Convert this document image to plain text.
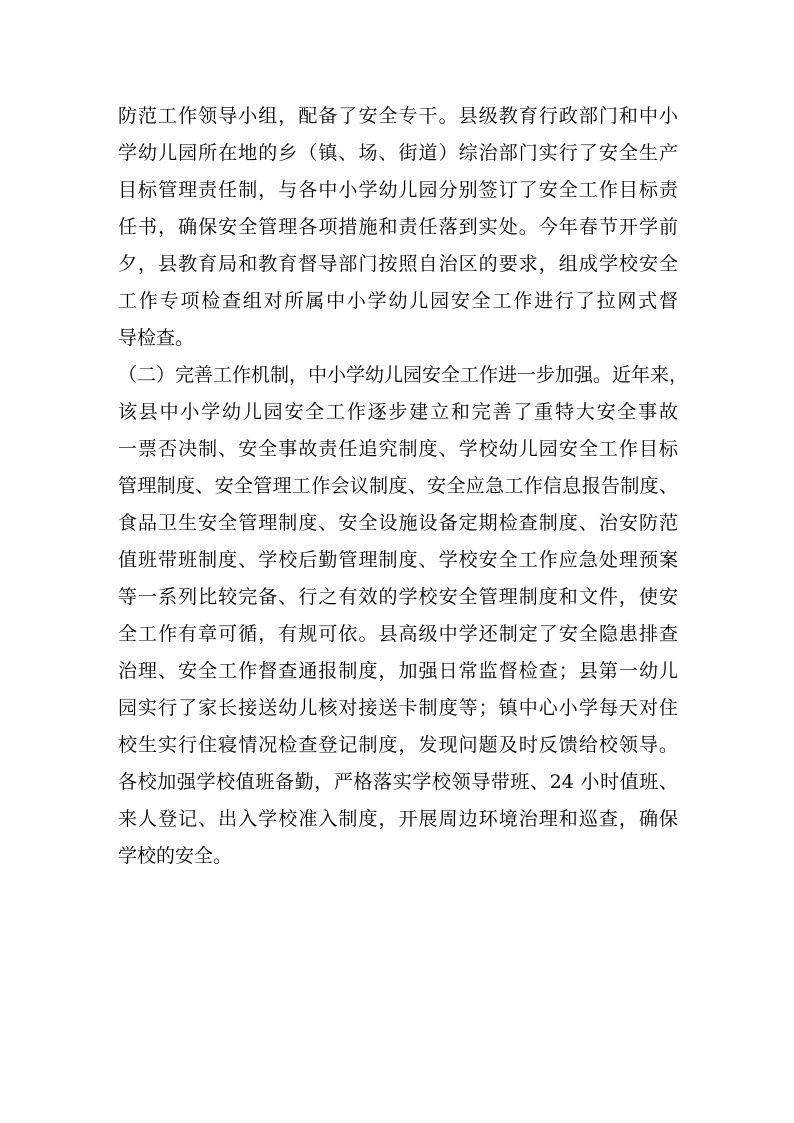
防范工作领导小组，配备了安全专干。县级教育行政部门和中小
学幼儿园所在地的乡（镇、场、街道）综治部门实行了安全生产
目标管理责任制，与各中小学幼儿园分别签订了安全工作目标责
任书，确保安全管理各项措施和责任落到实处。今年春节开学前
夕，县教育局和教育督导部门按照自治区的要求，组成学校安全
工作专项检查组对所属中小学幼儿园安全工作进行了拉网式督
导检查。
（二）完善工作机制，中小学幼儿园安全工作进一步加强。近年来，
该县中小学幼儿园安全工作逐步建立和完善了重特大安全事故
一票否决制、安全事故责任追究制度、学校幼儿园安全工作目标
管理制度、安全管理工作会议制度、安全应急工作信息报告制度、
食品卫生安全管理制度、安全设施设备定期检查制度、治安防范
值班带班制度、学校后勤管理制度、学校安全工作应急处理预案
等一系列比较完备、行之有效的学校安全管理制度和文件，使安
全工作有章可循，有规可依。县高级中学还制定了安全隐患排查
治理、安全工作督查通报制度，加强日常监督检查；县第一幼儿
园实行了家长接送幼儿核对接送卡制度等；镇中心小学每天对住
校生实行住寝情况检查登记制度，发现问题及时反馈给校领导。
各校加强学校值班备勤，严格落实学校领导带班、24 小时值班、
来人登记、出入学校准入制度，开展周边环境治理和巡查，确保
学校的安全。
